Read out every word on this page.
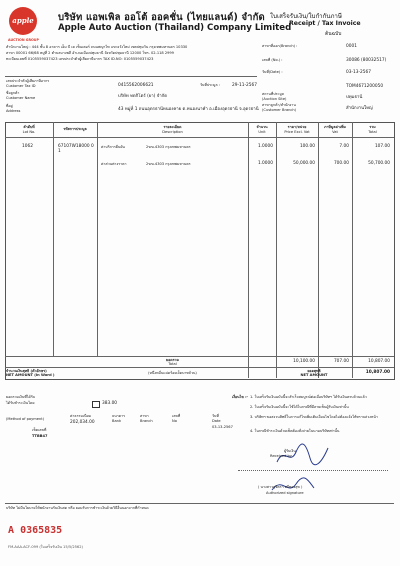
apple
AUCTION GROUP
บริษัท แอพเพิล ออโต้ ออคชั่น (ไทยแลนด์) จำกัด
Apple Auto Auction (Thailand) Company Limited
ใบเสร็จรับเงิน/ใบกำกับภาษี
Receipt / Tax Invoice
ต้นฉบับ
สำนักงานใหญ่ : 444 ชั้น 8 อาคาร เอ็ม บี เค เซ็นเตอร์ ถนนพญาไท แขวงวังใหม่ เขตปทุมวัน กรุงเทพมหานคร 10330
สาขา 00001 66/68 หมู่ที่ 2 ตำบลบางพลี อำเภอเมืองปทุมธานี จังหวัดปทุมธานี 12000 โทร. 02-118 2999
ทะเบียนเลขที่ 0105559037423 เลขประจำตัวผู้เสียภาษีอากร TAX ID.NO: 0105559037423
สาขาที่ออก(Branch) :	0001
เลขที่ (No.) :	30086 (80032517)
วันที่(Date) :	03-13-2567
TOM4671200050
เลขประจำตัวผู้เสียภาษีอากร
Customer Tax ID	0415562006621	วันที่ประมูล :	29-11-2567
ชื่อลูกค้า
Customer Name	บริษัท ทดกิโตร์ (ยา) จำกัด	สถานที่ประมูล
(Auction Site)	ปทุมธานี
สาขาลูกค้า/สำนักงาน
(Customer Branch)	สำนักงานใหญ่
ที่อยู่
Address	43 หมู่ที่ 1 ถนนอุดรธานีหนองคาย ต.หนองนาคำ อ.เมืองอุดรธานี จ.อุดรธานี
ลำดับที่
Lot No.
รหัสการประมูล	รายละเอียด
Description
จำนวน
Unit
ราคา/หน่วย
Price Excl. Vat
ภาษีมูลค่าเพิ่ม
Vat
รวม
Total
1062	67107W18000 01
ค่าบริการยืนยัน	2ฆฆ-4303 กรุงเทพมหานคร	1.0000	100.00	7.00	107.00
ค่าส่วนต่างราคา	2ฆฆ-4303 กรุงเทพมหานคร	1.0000	50,000.00	700.00	50,700.00
ยอดรวม
Total	10,100.00	707.00	10,807.00
จำนวนเงินสุทธิ (ตัวอักษร)
NET AMOUNT (In Word )	(หนึ่งหมื่นแปดร้อยเจ็ดบาทถ้วน)	ยอดสุทธิ
NET AMOUNT	10,807.00
ยอดรวมเงินที่ได้รับ
ได้รับชำระเงินโดย	383.00
(Method of payment)
ค่าธรรมเนียม
202,034.00
เช็คเลขที่
TTBB47
ธนาคาร
Bank
สาขา
Branch
เลขที่
No
วันที่
Date
03-13-2567
เงื่อนไข :- 1. ใบเสร็จรับเงินฉบับนี้จะสำเร็จสมบูรณ์ต่อเมื่อบริษัทฯ ได้รับเงินครบถ้วนแล้ว
2. ใบเสร็จรับเงินฉบับนี้จะใช้ได้ในกรณีที่มีลายเซ็นผู้รับเงินเท่านั้น
3. บริษัทฯ ขอสงวนสิทธิ์ในการแก้ไขเพิ่มเติมเงื่อนไขโดยไม่ต้องแจ้งให้ทราบล่วงหน้า
4. ในกรณีชำระเงินด้วยเช็คต้องสั่งจ่ายในนามบริษัทเท่านั้น
ผู้รับเงิน
Received by
( นางสาวสุจิตรา ศรีทองสุข )
Authorized signature
บริษัท ไม่มีนโยบายให้พนักงานรับเงินสด หรือ ยอมรับการชำระเงินด้วยวิธีอื่นนอกจากที่กำหนด
A 0365835
FM-AAA-ACF-099 (ใบเสร็จรับเงิน 15/5/2562)
